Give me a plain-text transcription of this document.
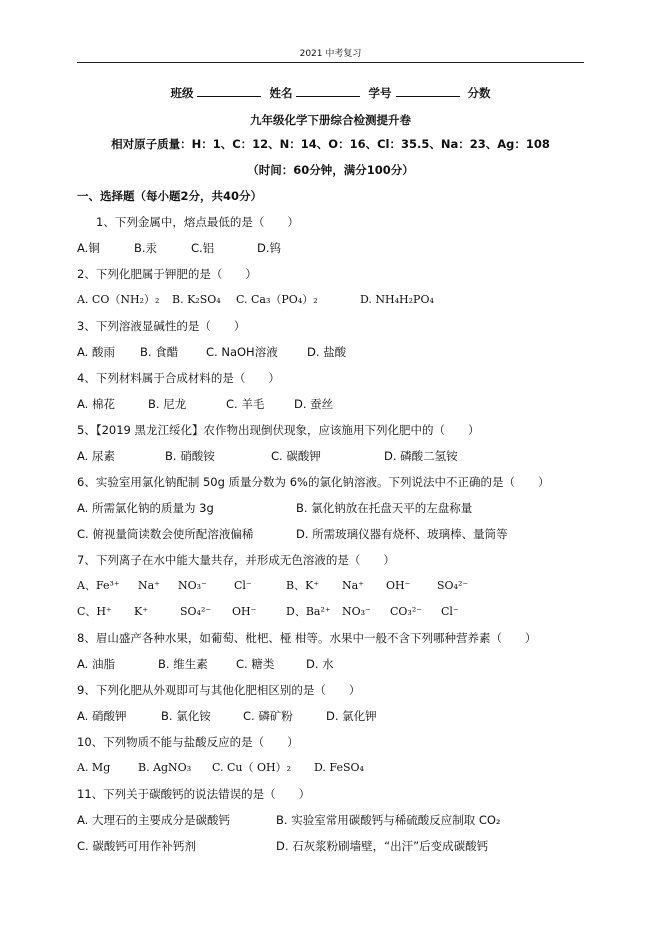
2021 中考复习
班级	姓名	学号	分数
九年级化学下册综合检测提升卷
相对原子质量：H：1、C：12、N：14、O：16、Cl：35.5、Na：23、Ag：108
（时间：60分钟，满分100分）
一、选择题（每小题2分，共40分）
1、下列金属中，熔点最低的是（　　）
A.铜	B.汞	C.铝	D.钨
2、下列化肥属于钾肥的是（　　）
A. CO（NH₂）₂ B. K₂SO₄ C. Ca₃（PO₄）₂	D. NH₄H₂PO₄
3、下列溶液显碱性的是（　　）
A. 酸雨 B. 食醋 C. NaOH溶液	D. 盐酸
4、下列材料属于合成材料的是（　　）
A. 棉花	B. 尼龙	C. 羊毛	D. 蚕丝
5、【2019 黑龙江绥化】农作物出现倒伏现象，应该施用下列化肥中的（　　）
A. 尿素	B. 硝酸铵	C. 碳酸钾	D. 磷酸二氢铵
6、实验室用氯化钠配制 50g 质量分数为 6%的氯化钠溶液。下列说法中不正确的是（　　）
A. 所需氯化钠的质量为 3g	B. 氯化钠放在托盘天平的左盘称量
C. 俯视量筒读数会使所配溶液偏稀	D. 所需玻璃仪器有烧杯、玻璃棒、量筒等
7、下列离子在水中能大量共存，并形成无色溶液的是（　　）
A、Fe³⁺ Na⁺ NO₃⁻ Cl⁻	B、K⁺ Na⁺ OH⁻ SO₄²⁻
C、H⁺ K⁺	SO₄²⁻ OH⁻	D、Ba²⁺ NO₃⁻ CO₃²⁻ Cl⁻
8、眉山盛产各种水果，如葡萄、枇杷、桠 柑等。水果中一般不含下列哪种营养素（　　）
A. 油脂	B. 维生素 C. 糖类	D. 水
9、下列化肥从外观即可与其他化肥相区别的是（　　）
A. 硝酸钾	B. 氯化铵	C. 磷矿粉	D. 氯化钾
10、下列物质不能与盐酸反应的是（　　）
A. Mg	B. AgNO₃ C. Cu（ OH）₂ D. FeSO₄
11、下列关于碳酸钙的说法错误的是（　　）
A. 大理石的主要成分是碳酸钙	B. 实验室常用碳酸钙与稀硫酸反应制取 CO₂
C. 碳酸钙可用作补钙剂	D. 石灰浆粉刷墙壁，“出汗”后变成碳酸钙
